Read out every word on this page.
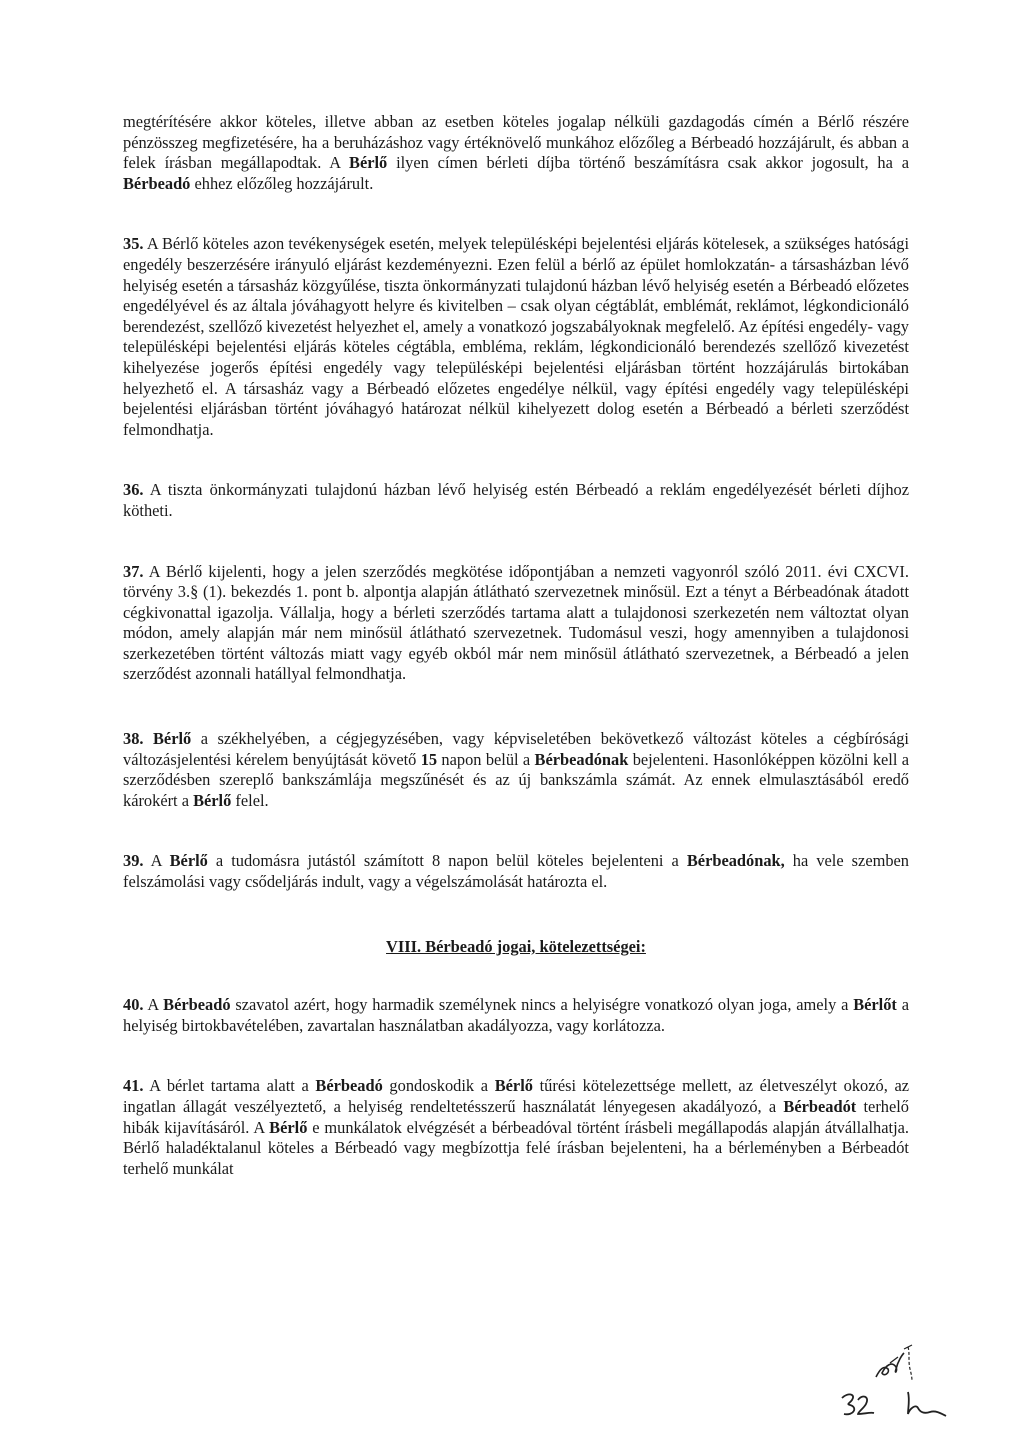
megtérítésére akkor köteles, illetve abban az esetben köteles jogalap nélküli gazdagodás címén a Bérlő részére pénzösszeg megfizetésére, ha a beruházáshoz vagy értéknövelő munkához előzőleg a Bérbeadó hozzájárult, és abban a felek írásban megállapodtak. A Bérlő ilyen címen bérleti díjba történő beszámításra csak akkor jogosult, ha a Bérbeadó ehhez előzőleg hozzájárult.

35. A Bérlő köteles azon tevékenységek esetén, melyek településképi bejelentési eljárás kötelesek, a szükséges hatósági engedély beszerzésére irányuló eljárást kezdeményezni. Ezen felül a bérlő az épület homlokzatán- a társasházban lévő helyiség esetén a társasház közgyűlése, tiszta önkormányzati tulajdonú házban lévő helyiség esetén a Bérbeadó előzetes engedélyével és az általa jóváhagyott helyre és kivitelben – csak olyan cégtáblát, emblémát, reklámot, légkondicionáló berendezést, szellőző kivezetést helyezhet el, amely a vonatkozó jogszabályoknak megfelelő. Az építési engedély- vagy településképi bejelentési eljárás köteles cégtábla, embléma, reklám, légkondicionáló berendezés szellőző kivezetést kihelyezése jogerős építési engedély vagy településképi bejelentési eljárásban történt hozzájárulás birtokában helyezhető el. A társasház vagy a Bérbeadó előzetes engedélye nélkül, vagy építési engedély vagy településképi bejelentési eljárásban történt jóváhagyó határozat nélkül kihelyezett dolog esetén a Bérbeadó a bérleti szerződést felmondhatja.

36. A tiszta önkormányzati tulajdonú házban lévő helyiség estén Bérbeadó a reklám engedélyezését bérleti díjhoz kötheti.

37. A Bérlő kijelenti, hogy a jelen szerződés megkötése időpontjában a nemzeti vagyonról szóló 2011. évi CXCVI. törvény 3.§ (1). bekezdés 1. pont b. alpontja alapján átlátható szervezetnek minősül. Ezt a tényt a Bérbeadónak átadott cégkivonattal igazolja. Vállalja, hogy a bérleti szerződés tartama alatt a tulajdonosi szerkezetén nem változtat olyan módon, amely alapján már nem minősül átlátható szervezetnek. Tudomásul veszi, hogy amennyiben a tulajdonosi szerkezetében történt változás miatt vagy egyéb okból már nem minősül átlátható szervezetnek, a Bérbeadó a jelen szerződést azonnali hatállyal felmondhatja.

38. Bérlő a székhelyében, a cégjegyzésében, vagy képviseletében bekövetkező változást köteles a cégbírósági változásjelentési kérelem benyújtását követő 15 napon belül a Bérbeadónak bejelenteni. Hasonlóképpen közölni kell a szerződésben szereplő bankszámlája megszűnését és az új bankszámla számát. Az ennek elmulasztásából eredő károkért a Bérlő felel.

39. A Bérlő a tudomásra jutástól számított 8 napon belül köteles bejelenteni a Bérbeadónak, ha vele szemben felszámolási vagy csődeljárás indult, vagy a végelszámolását határozta el.

VIII. Bérbeadó jogai, kötelezettségei:

40. A Bérbeadó szavatol azért, hogy harmadik személynek nincs a helyiségre vonatkozó olyan joga, amely a Bérlőt a helyiség birtokbavételében, zavartalan használatban akadályozza, vagy korlátozza.

41. A bérlet tartama alatt a Bérbeadó gondoskodik a Bérlő tűrési kötelezettsége mellett, az életveszélyt okozó, az ingatlan állagát veszélyeztető, a helyiség rendeltetésszerű használatát lényegesen akadályozó, a Bérbeadót terhelő hibák kijavításáról. A Bérlő e munkálatok elvégzését a bérbeadóval történt írásbeli megállapodás alapján átvállalhatja. Bérlő haladéktalanul köteles a Bérbeadó vagy megbízottja felé írásban bejelenteni, ha a bérleményben a Bérbeadót terhelő munkálat
